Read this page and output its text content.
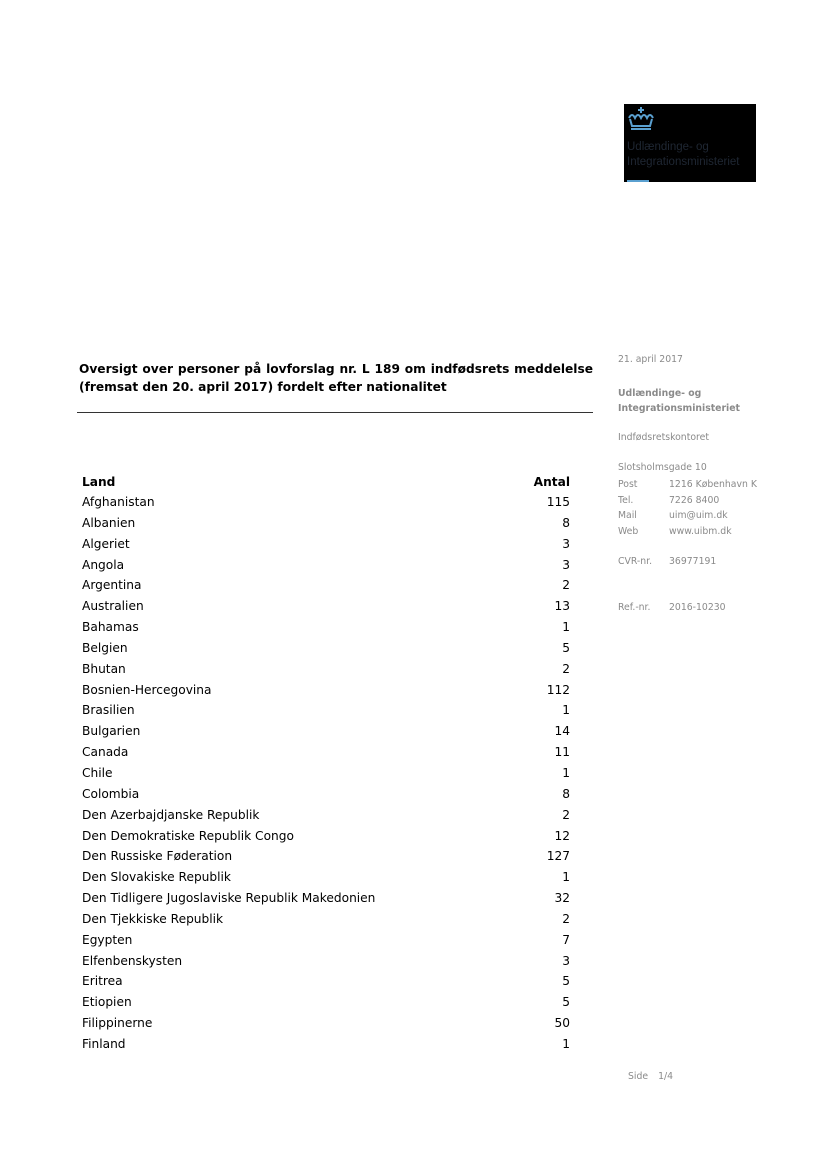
Udlændinge- og
Integrationsministeriet
Oversigt over personer på lovforslag nr. L 189 om indfødsrets meddelelse (fremsat den 20. april 2017) fordelt efter nationalitet
Land	Antal
Afghanistan	115
Albanien	8
Algeriet	3
Angola	3
Argentina	2
Australien	13
Bahamas	1
Belgien	5
Bhutan	2
Bosnien-Hercegovina	112
Brasilien	1
Bulgarien	14
Canada	11
Chile	1
Colombia	8
Den Azerbajdjanske Republik	2
Den Demokratiske Republik Congo	12
Den Russiske Føderation	127
Den Slovakiske Republik	1
Den Tidligere Jugoslaviske Republik Makedonien	32
Den Tjekkiske Republik	2
Egypten	7
Elfenbenskysten	3
Eritrea	5
Etiopien	5
Filippinerne	50
Finland	1
21. april 2017
Udlændinge- og
Integrationsministeriet
Indfødsretskontoret
Slotsholmsgade 10
Post	1216 København K
Tel.	7226 8400
Mail	uim@uim.dk
Web	www.uibm.dk
CVR-nr.	36977191
Ref.-nr.	2016-10230
Side 1/4
